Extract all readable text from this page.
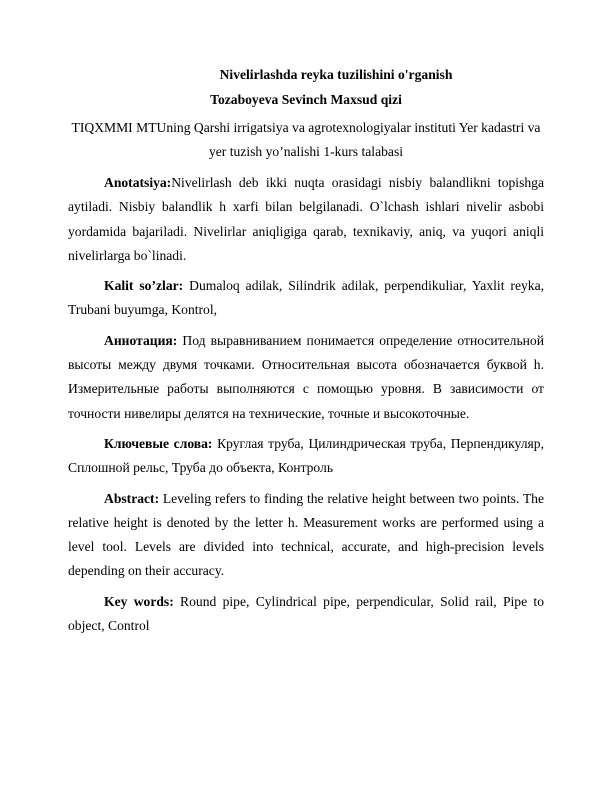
Nivelirlashda reyka tuzilishini o'rganish

Tozaboyeva Sevinch Maxsud qizi

TIQXMMI MTUning Qarshi irrigatsiya va agrotexnologiyalar instituti Yer kadastri va yer tuzish yo’nalishi 1-kurs talabasi

Anotatsiya:Nivelirlash deb ikki nuqta orasidagi nisbiy balandlikni topishga aytiladi. Nisbiy balandlik h xarfi bilan belgilanadi. O`lchash ishlari nivelir asbobi yordamida bajariladi. Nivelirlar aniqligiga qarab, texnikaviy, aniq, va yuqori aniqli nivelirlarga bo`linadi.

Kalit so’zlar: Dumaloq adilak, Silindrik adilak, perpendikuliar, Yaxlit reyka, Trubani buyumga, Kontrol,

Аннотация: Под выравниванием понимается определение относительной высоты между двумя точками. Относительная высота обозначается буквой h. Измерительные работы выполняются с помощью уровня. В зависимости от точности нивелиры делятся на технические, точные и высокоточные.

Ключевые слова: Круглая труба, Цилиндрическая труба, Перпендикуляр, Сплошной рельс, Труба до объекта, Контроль

Abstract: Leveling refers to finding the relative height between two points. The relative height is denoted by the letter h. Measurement works are performed using a level tool. Levels are divided into technical, accurate, and high-precision levels depending on their accuracy.

Key words: Round pipe, Cylindrical pipe, perpendicular, Solid rail, Pipe to object, Control
